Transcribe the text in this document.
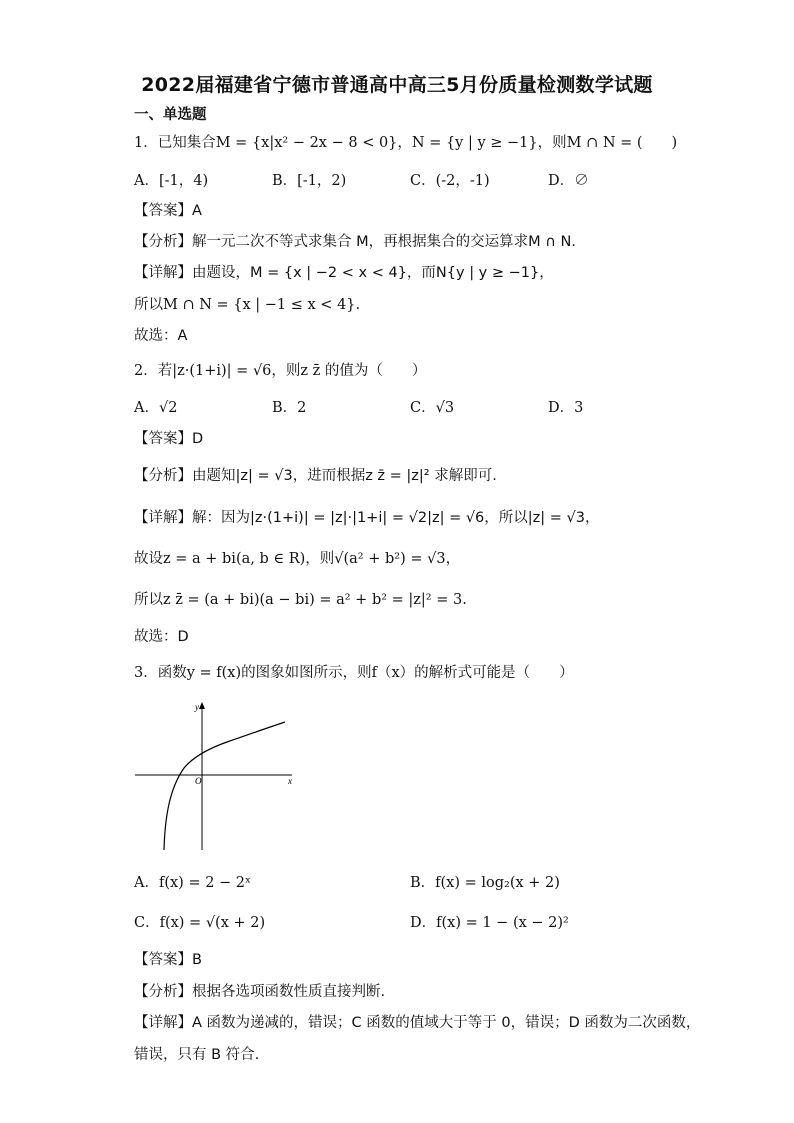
2022届福建省宁德市普通高中高三5月份质量检测数学试题
一、单选题
1．已知集合M = {x|x² − 2x − 8 < 0}，N = {y | y ≥ −1}，则M ∩ N = (　　)
A．[-1，4)	B．[-1，2)	C．(-2，-1)	D．∅
【答案】A
【分析】解一元二次不等式求集合 M，再根据集合的交运算求M ∩ N.
【详解】由题设，M = {x | −2 < x < 4}，而N{y | y ≥ −1}，
所以M ∩ N = {x | −1 ≤ x < 4}.
故选：A
2．若|z·(1+i)| = √6，则z z̄ 的值为（　　）
A．√2	B．2	C．√3	D．3
【答案】D
【分析】由题知|z| = √3，进而根据z z̄ = |z|² 求解即可.
【详解】解：因为|z·(1+i)| = |z|·|1+i| = √2|z| = √6，所以|z| = √3，
故设z = a + bi(a, b ∈ R)，则√(a² + b²) = √3，
所以z z̄ = (a + bi)(a − bi) = a² + b² = |z|² = 3.
故选：D
3．函数y = f(x)的图象如图所示，则f（x）的解析式可能是（　　）
y
x
O
A．f(x) = 2 − 2ˣ	B．f(x) = log₂(x + 2)
C．f(x) = √(x + 2)	D．f(x) = 1 − (x − 2)²
【答案】B
【分析】根据各选项函数性质直接判断.
【详解】A 函数为递减的，错误；C 函数的值域大于等于 0，错误；D 函数为二次函数，
错误，只有 B 符合.
